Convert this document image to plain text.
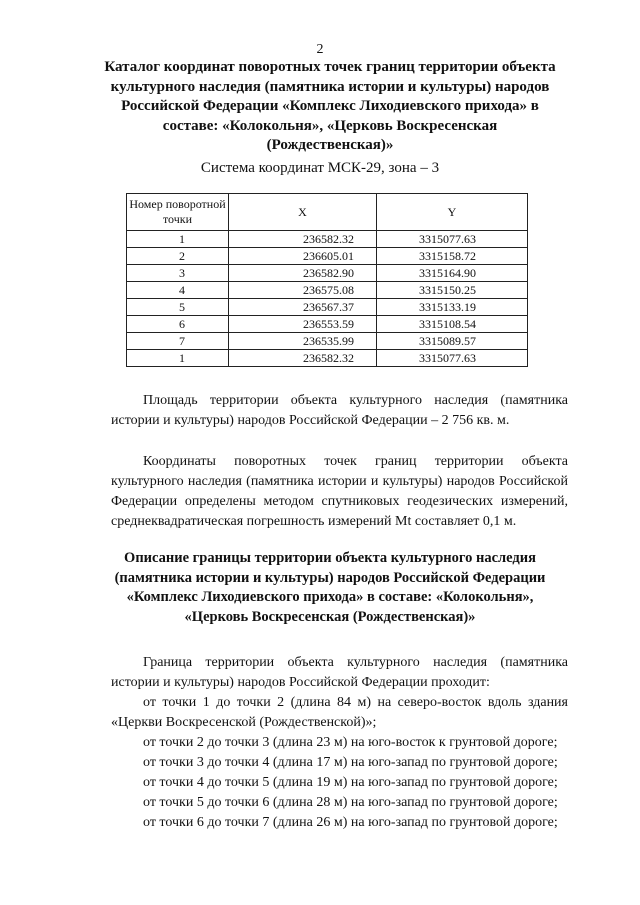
2
Каталог координат поворотных точек границ территории объекта культурного наследия (памятника истории и культуры) народов Российской Федерации «Комплекс Лиходиевского прихода» в составе: «Колокольня», «Церковь Воскресенская (Рождественская)»
Система координат МСК-29, зона – 3
Номер поворотной точки	X	Y
1	236582.32	3315077.63
2	236605.01	3315158.72
3	236582.90	3315164.90
4	236575.08	3315150.25
5	236567.37	3315133.19
6	236553.59	3315108.54
7	236535.99	3315089.57
1	236582.32	3315077.63

Площадь территории объекта культурного наследия (памятника истории и культуры) народов Российской Федерации – 2 756 кв. м.

Координаты поворотных точек границ территории объекта культурного наследия (памятника истории и культуры) народов Российской Федерации определены методом спутниковых геодезических измерений, среднеквадратическая погрешность измерений Mt составляет 0,1 м.

Описание границы территории объекта культурного наследия (памятника истории и культуры) народов Российской Федерации «Комплекс Лиходиевского прихода» в составе: «Колокольня», «Церковь Воскресенская (Рождественская)»

Граница территории объекта культурного наследия (памятника истории и культуры) народов Российской Федерации проходит:

от точки 1 до точки 2 (длина 84 м) на северо-восток вдоль здания «Церкви Воскресенской (Рождественской)»;

от точки 2 до точки 3 (длина 23 м) на юго-восток к грунтовой дороге;

от точки 3 до точки 4 (длина 17 м) на юго-запад по грунтовой дороге;

от точки 4 до точки 5 (длина 19 м) на юго-запад по грунтовой дороге;

от точки 5 до точки 6 (длина 28 м) на юго-запад по грунтовой дороге;

от точки 6 до точки 7 (длина 26 м) на юго-запад по грунтовой дороге;
